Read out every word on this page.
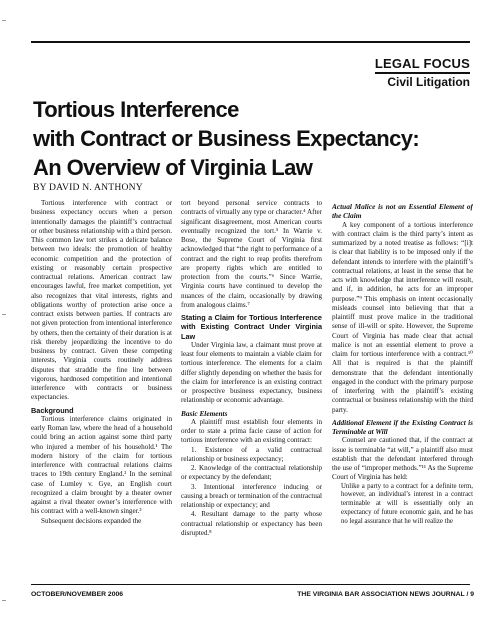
LEGAL FOCUS
Civil Litigation
Tortious Interference
with Contract or Business Expectancy:
An Overview of Virginia Law
BY DAVID N. ANTHONY

Tortious interference with contract or business expectancy occurs when a person intentionally damages the plaintiff’s contractual or other business relationship with a third person. This common law tort strikes a delicate balance between two ideals: the promotion of healthy economic competition and the protection of existing or reasonably certain prospective contractual relations. American contract law encourages lawful, free market competition, yet also recognizes that vital interests, rights and obligations worthy of protection arise once a contract exists between parties. If contracts are not given protection from intentional interference by others, then the certainty of their duration is at risk thereby jeopardizing the incentive to do business by contract. Given these competing interests, Virginia courts routinely address disputes that straddle the fine line between vigorous, hardnosed competition and intentional interference with contracts or business expectancies.

Background

Tortious interference claims originated in early Roman law, where the head of a household could bring an action against some third party who injured a member of his household.¹ The modern history of the claim for tortious interference with contractual relations claims traces to 19th century England.² In the seminal case of Lumley v. Gye, an English court recognized a claim brought by a theater owner against a rival theater owner’s interference with his contract with a well-known singer.³

Subsequent decisions expanded the

tort beyond personal service contracts to contracts of virtually any type or character.⁴ After significant disagreement, most American courts eventually recognized the tort.⁵ In Warrie v. Bose, the Supreme Court of Virginia first acknowledged that “the right to performance of a contract and the right to reap profits therefrom are property rights which are entitled to protection from the courts.”⁶ Since Warrie, Virginia courts have continued to develop the nuances of the claim, occasionally by drawing from analogous claims.⁷

Stating a Claim for Tortious Interference with Existing Contract Under Virginia Law

Under Virginia law, a claimant must prove at least four elements to maintain a viable claim for tortious interference. The elements for a claim differ slightly depending on whether the basis for the claim for interference is an existing contract or prospective business expectancy, business relationship or economic advantage.

Basic Elements

A plaintiff must establish four elements in order to state a prima facie cause of action for tortious interference with an existing contract:

1. Existence of a valid contractual relationship or business expectancy;

2. Knowledge of the contractual relationship or expectancy by the defendant;

3. Intentional interference inducing or causing a breach or termination of the contractual relationship or expectancy; and

4. Resultant damage to the party whose contractual relationship or expectancy has been disrupted.⁸

Actual Malice is not an Essential Element of the Claim

A key component of a tortious interference with contract claim is the third party’s intent as summarized by a noted treatise as follows: “[i]t is clear that liability is to be imposed only if the defendant intends to interfere with the plaintiff’s contractual relations, at least in the sense that he acts with knowledge that interference will result, and if, in addition, he acts for an improper purpose.”⁹ This emphasis on intent occasionally misleads counsel into believing that that a plaintiff must prove malice in the traditional sense of ill-will or spite. However, the Supreme Court of Virginia has made clear that actual malice is not an essential element to prove a claim for tortious interference with a contract.¹⁰ All that is required is that the plaintiff demonstrate that the defendant intentionally engaged in the conduct with the primary purpose of interfering with the plaintiff’s existing contractual or business relationship with the third party.

Additional Element if the Existing Contract is Terminable at Will

Counsel are cautioned that, if the contract at issue is terminable “at will,” a plaintiff also must establish that the defendant interfered through the use of “improper methods.”¹¹ As the Supreme Court of Virginia has held:

Unlike a party to a contract for a definite term, however, an individual’s interest in a contract terminable at will is essentially only an expectancy of future economic gain, and he has no legal assurance that he will realize the

OCTOBER/NOVEMBER 2006	THE VIRGINIA BAR ASSOCIATION NEWS JOURNAL / 9
